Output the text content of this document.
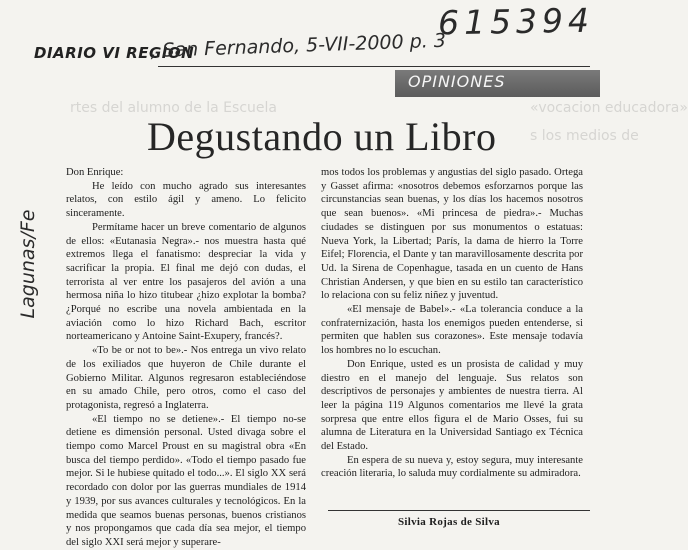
615394
DIARIO VI REGION
, San Fernando, 5-VII-2000 p. 3
OPINIONES
rtes del alumno de la Escuela	«vocacion educadora»
s los medios de
Degustando un Libro
Lagunas/Fe

Don Enrique:

He leído con mucho agrado sus interesantes relatos, con estilo ágil y ameno. Lo felicito sinceramente.

Permítame hacer un breve comentario de algunos de ellos: «Eutanasia Negra».- nos muestra hasta qué extremos llega el fanatismo: despreciar la vida y sacrificar la propia. El final me dejó con dudas, el terrorista al ver entre los pasajeros del avión a una hermosa niña lo hizo titubear ¿hizo explotar la bomba? ¿Porqué no escribe una novela ambientada en la aviación como lo hizo Richard Bach, escritor norteamericano y Antoine Saint-Exupery, francés?.

«To be or not to be».- Nos entrega un vivo relato de los exiliados que huyeron de Chile durante el Gobierno Militar. Algunos regresaron estableciéndose en su amado Chile, pero otros, como el caso del protagonista, regresó a Inglaterra.

«El tiempo no se detiene».- El tiempo no-se detiene es dimensión personal. Usted divaga sobre el tiempo como Marcel Proust en su magistral obra «En busca del tiempo perdido». «Todo el tiempo pasado fue mejor. Si le hubiese quitado el todo...». El siglo XX será recordado con dolor por las guerras mundiales de 1914 y 1939, por sus avances culturales y tecnológicos. En la medida que seamos buenas personas, buenos cristianos y nos propongamos que cada día sea mejor, el tiempo del siglo XXI será mejor y superare-

mos todos los problemas y angustias del siglo pasado. Ortega y Gasset afirma: «nosotros debemos esforzarnos porque las circunstancias sean buenas, y los días los hacemos nosotros que sean buenos». «Mi princesa de piedra».- Muchas ciudades se distinguen por sus monumentos o estatuas: Nueva York, la Libertad; París, la dama de hierro la Torre Eifel; Florencia, el Dante y tan maravillosamente descrita por Ud. la Sirena de Copenhague, tasada en un cuento de Hans Christian Andersen, y que bien en su estilo tan característico lo relaciona con su feliz niñez y juventud.

«El mensaje de Babel».- «La tolerancia conduce a la confraternización, hasta los enemigos pueden entenderse, si permiten que hablen sus corazones». Este mensaje todavía los hombres no lo escuchan.

Don Enrique, usted es un prosista de calidad y muy diestro en el manejo del lenguaje. Sus relatos son descriptivos de personajes y ambientes de nuestra tierra. Al leer la página 119 Algunos comentarios me llevé la grata sorpresa que entre ellos figura el de Mario Osses, fui su alumna de Literatura en la Universidad Santiago ex Técnica del Estado.

En espera de su nueva y, estoy segura, muy interesante creación literaria, lo saluda muy cordialmente su admiradora.

Silvia Rojas de Silva
